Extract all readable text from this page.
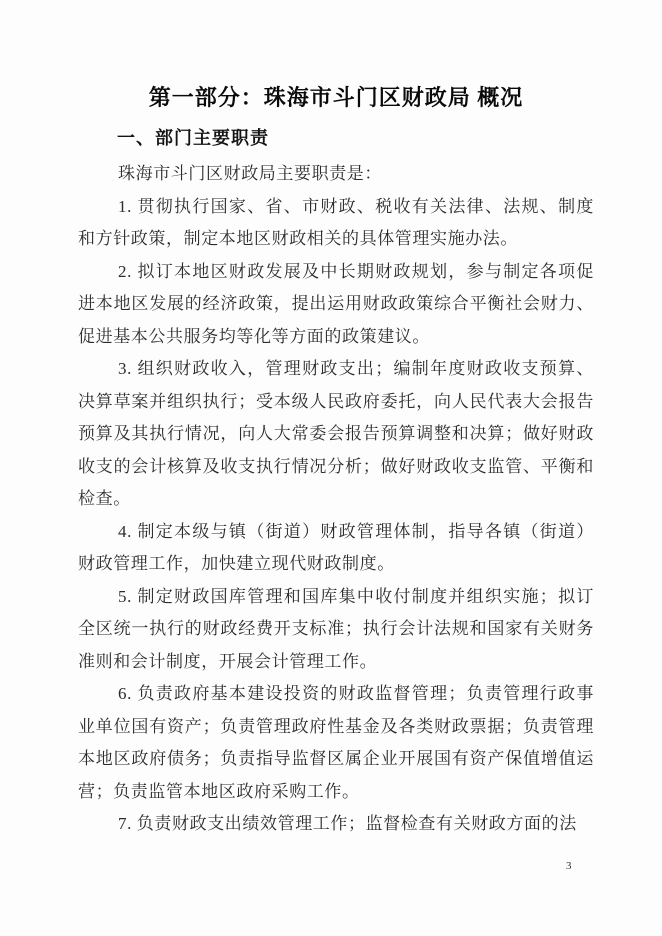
第一部分：珠海市斗门区财政局 概况
一、部门主要职责

珠海市斗门区财政局主要职责是：

1. 贯彻执行国家、省、市财政、税收有关法律、法规、制度和方针政策，制定本地区财政相关的具体管理实施办法。

2. 拟订本地区财政发展及中长期财政规划，参与制定各项促进本地区发展的经济政策，提出运用财政政策综合平衡社会财力、促进基本公共服务均等化等方面的政策建议。

3. 组织财政收入，管理财政支出；编制年度财政收支预算、决算草案并组织执行；受本级人民政府委托，向人民代表大会报告预算及其执行情况，向人大常委会报告预算调整和决算；做好财政收支的会计核算及收支执行情况分析；做好财政收支监管、平衡和检查。

4. 制定本级与镇（街道）财政管理体制，指导各镇（街道）财政管理工作，加快建立现代财政制度。

5. 制定财政国库管理和国库集中收付制度并组织实施；拟订全区统一执行的财政经费开支标准；执行会计法规和国家有关财务准则和会计制度，开展会计管理工作。

6. 负责政府基本建设投资的财政监督管理；负责管理行政事业单位国有资产；负责管理政府性基金及各类财政票据；负责管理本地区政府债务；负责指导监督区属企业开展国有资产保值增值运营；负责监管本地区政府采购工作。

7. 负责财政支出绩效管理工作；监督检查有关财政方面的法

3
